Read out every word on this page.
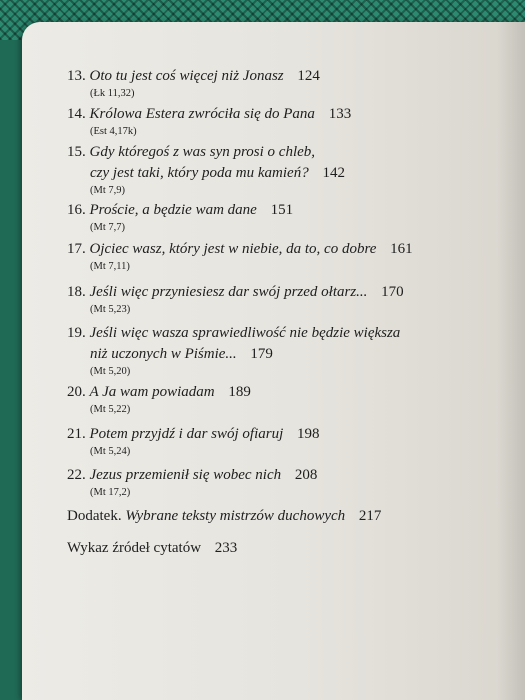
13. Oto tu jest coś więcej niż Jonasz 124
(Łk 11,32)
14. Królowa Estera zwróciła się do Pana 133
(Est 4,17k)
15. Gdy któregoś z was syn prosi o chleb,
czy jest taki, który poda mu kamień? 142
(Mt 7,9)
16. Proście, a będzie wam dane 151
(Mt 7,7)
17. Ojciec wasz, który jest w niebie, da to, co dobre 161
(Mt 7,11)
18. Jeśli więc przyniesiesz dar swój przed ołtarz... 170
(Mt 5,23)
19. Jeśli więc wasza sprawiedliwość nie będzie większa
niż uczonych w Piśmie... 179
(Mt 5,20)
20. A Ja wam powiadam 189
(Mt 5,22)
21. Potem przyjdź i dar swój ofiaruj 198
(Mt 5,24)
22. Jezus przemienił się wobec nich 208
(Mt 17,2)
Dodatek. Wybrane teksty mistrzów duchowych 217
Wykaz źródeł cytatów 233
